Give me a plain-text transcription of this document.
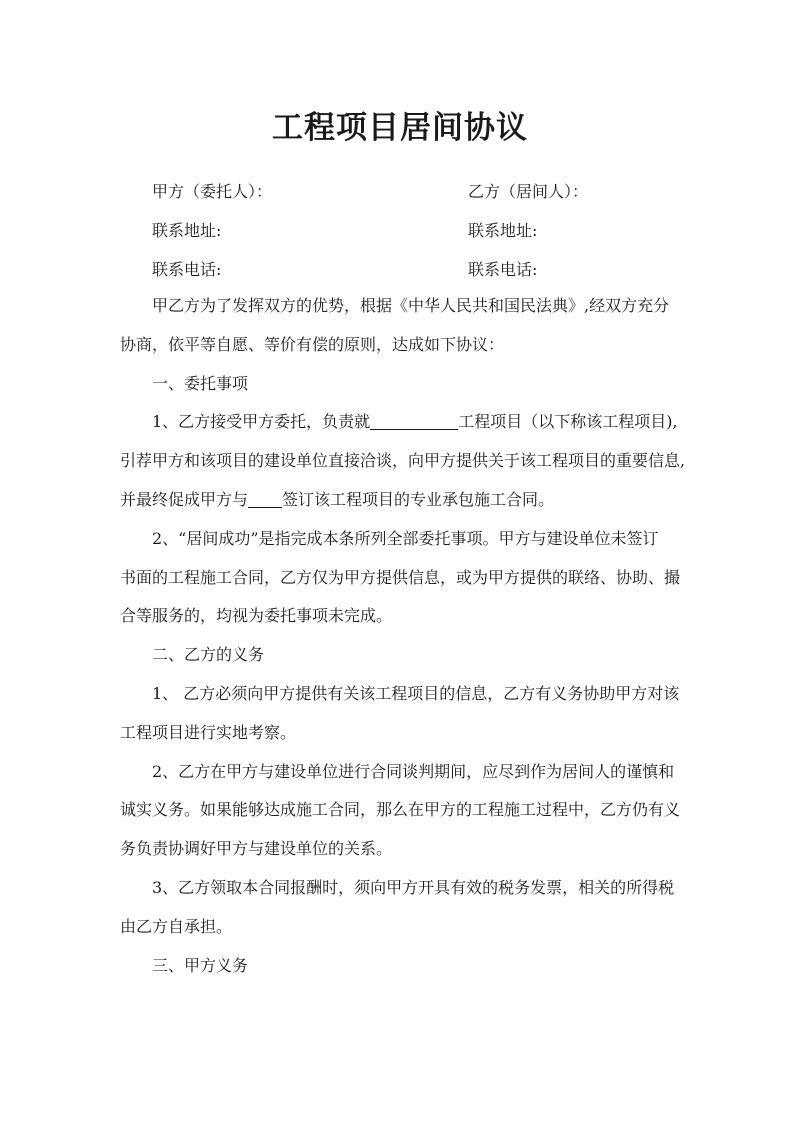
工程项目居间协议
甲方（委托人）：	乙方（居间人）：
联系地址:	联系地址:
联系电话:	联系电话:

甲乙方为了发挥双方的优势，根据《中华人民共和国民法典》,经双方充分

协商，依平等自愿、等价有偿的原则，达成如下协议：

一、委托事项

1、乙方接受甲方委托，负责就	工程项目（以下称该工程项目),

引荐甲方和该项目的建设单位直接洽谈，向甲方提供关于该工程项目的重要信息,

并最终促成甲方与 签订该工程项目的专业承包施工合同。

2、“居间成功”是指完成本条所列全部委托事项。甲方与建设单位未签订

书面的工程施工合同，乙方仅为甲方提供信息，或为甲方提供的联络、协助、撮

合等服务的，均视为委托事项未完成。

二、乙方的义务

1、 乙方必须向甲方提供有关该工程项目的信息，乙方有义务协助甲方对该

工程项目进行实地考察。

2、乙方在甲方与建设单位进行合同谈判期间，应尽到作为居间人的谨慎和

诚实义务。如果能够达成施工合同，那么在甲方的工程施工过程中，乙方仍有义

务负责协调好甲方与建设单位的关系。

3、乙方领取本合同报酬时，须向甲方开具有效的税务发票，相关的所得税

由乙方自承担。

三、甲方义务
